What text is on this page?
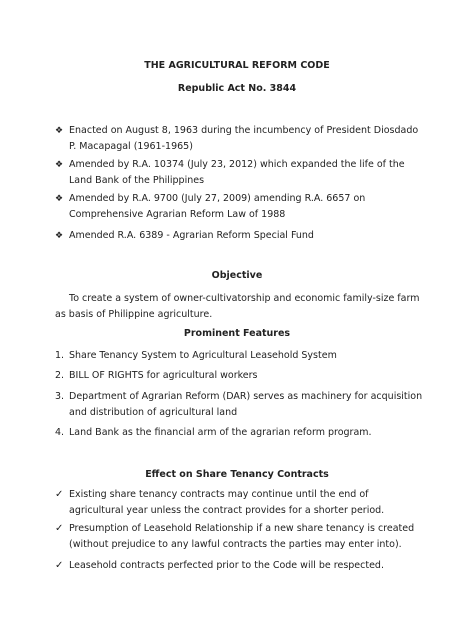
THE AGRICULTURAL REFORM CODE
Republic Act No. 3844
❖ Enacted on August 8, 1963 during the incumbency of President Diosdado P. Macapagal (1961-1965)
❖ Amended by R.A. 10374 (July 23, 2012) which expanded the life of the Land Bank of the Philippines
❖ Amended by R.A. 9700 (July 27, 2009) amending R.A. 6657 on Comprehensive Agrarian Reform Law of 1988
❖ Amended R.A. 6389 - Agrarian Reform Special Fund
Objective
To create a system of owner-cultivatorship and economic family-size farm as basis of Philippine agriculture.
Prominent Features
1. Share Tenancy System to Agricultural Leasehold System
2. BILL OF RIGHTS for agricultural workers
3. Department of Agrarian Reform (DAR) serves as machinery for acquisition and distribution of agricultural land
4. Land Bank as the financial arm of the agrarian reform program.
Effect on Share Tenancy Contracts
✓ Existing share tenancy contracts may continue until the end of agricultural year unless the contract provides for a shorter period.
✓ Presumption of Leasehold Relationship if a new share tenancy is created (without prejudice to any lawful contracts the parties may enter into).
✓ Leasehold contracts perfected prior to the Code will be respected.
